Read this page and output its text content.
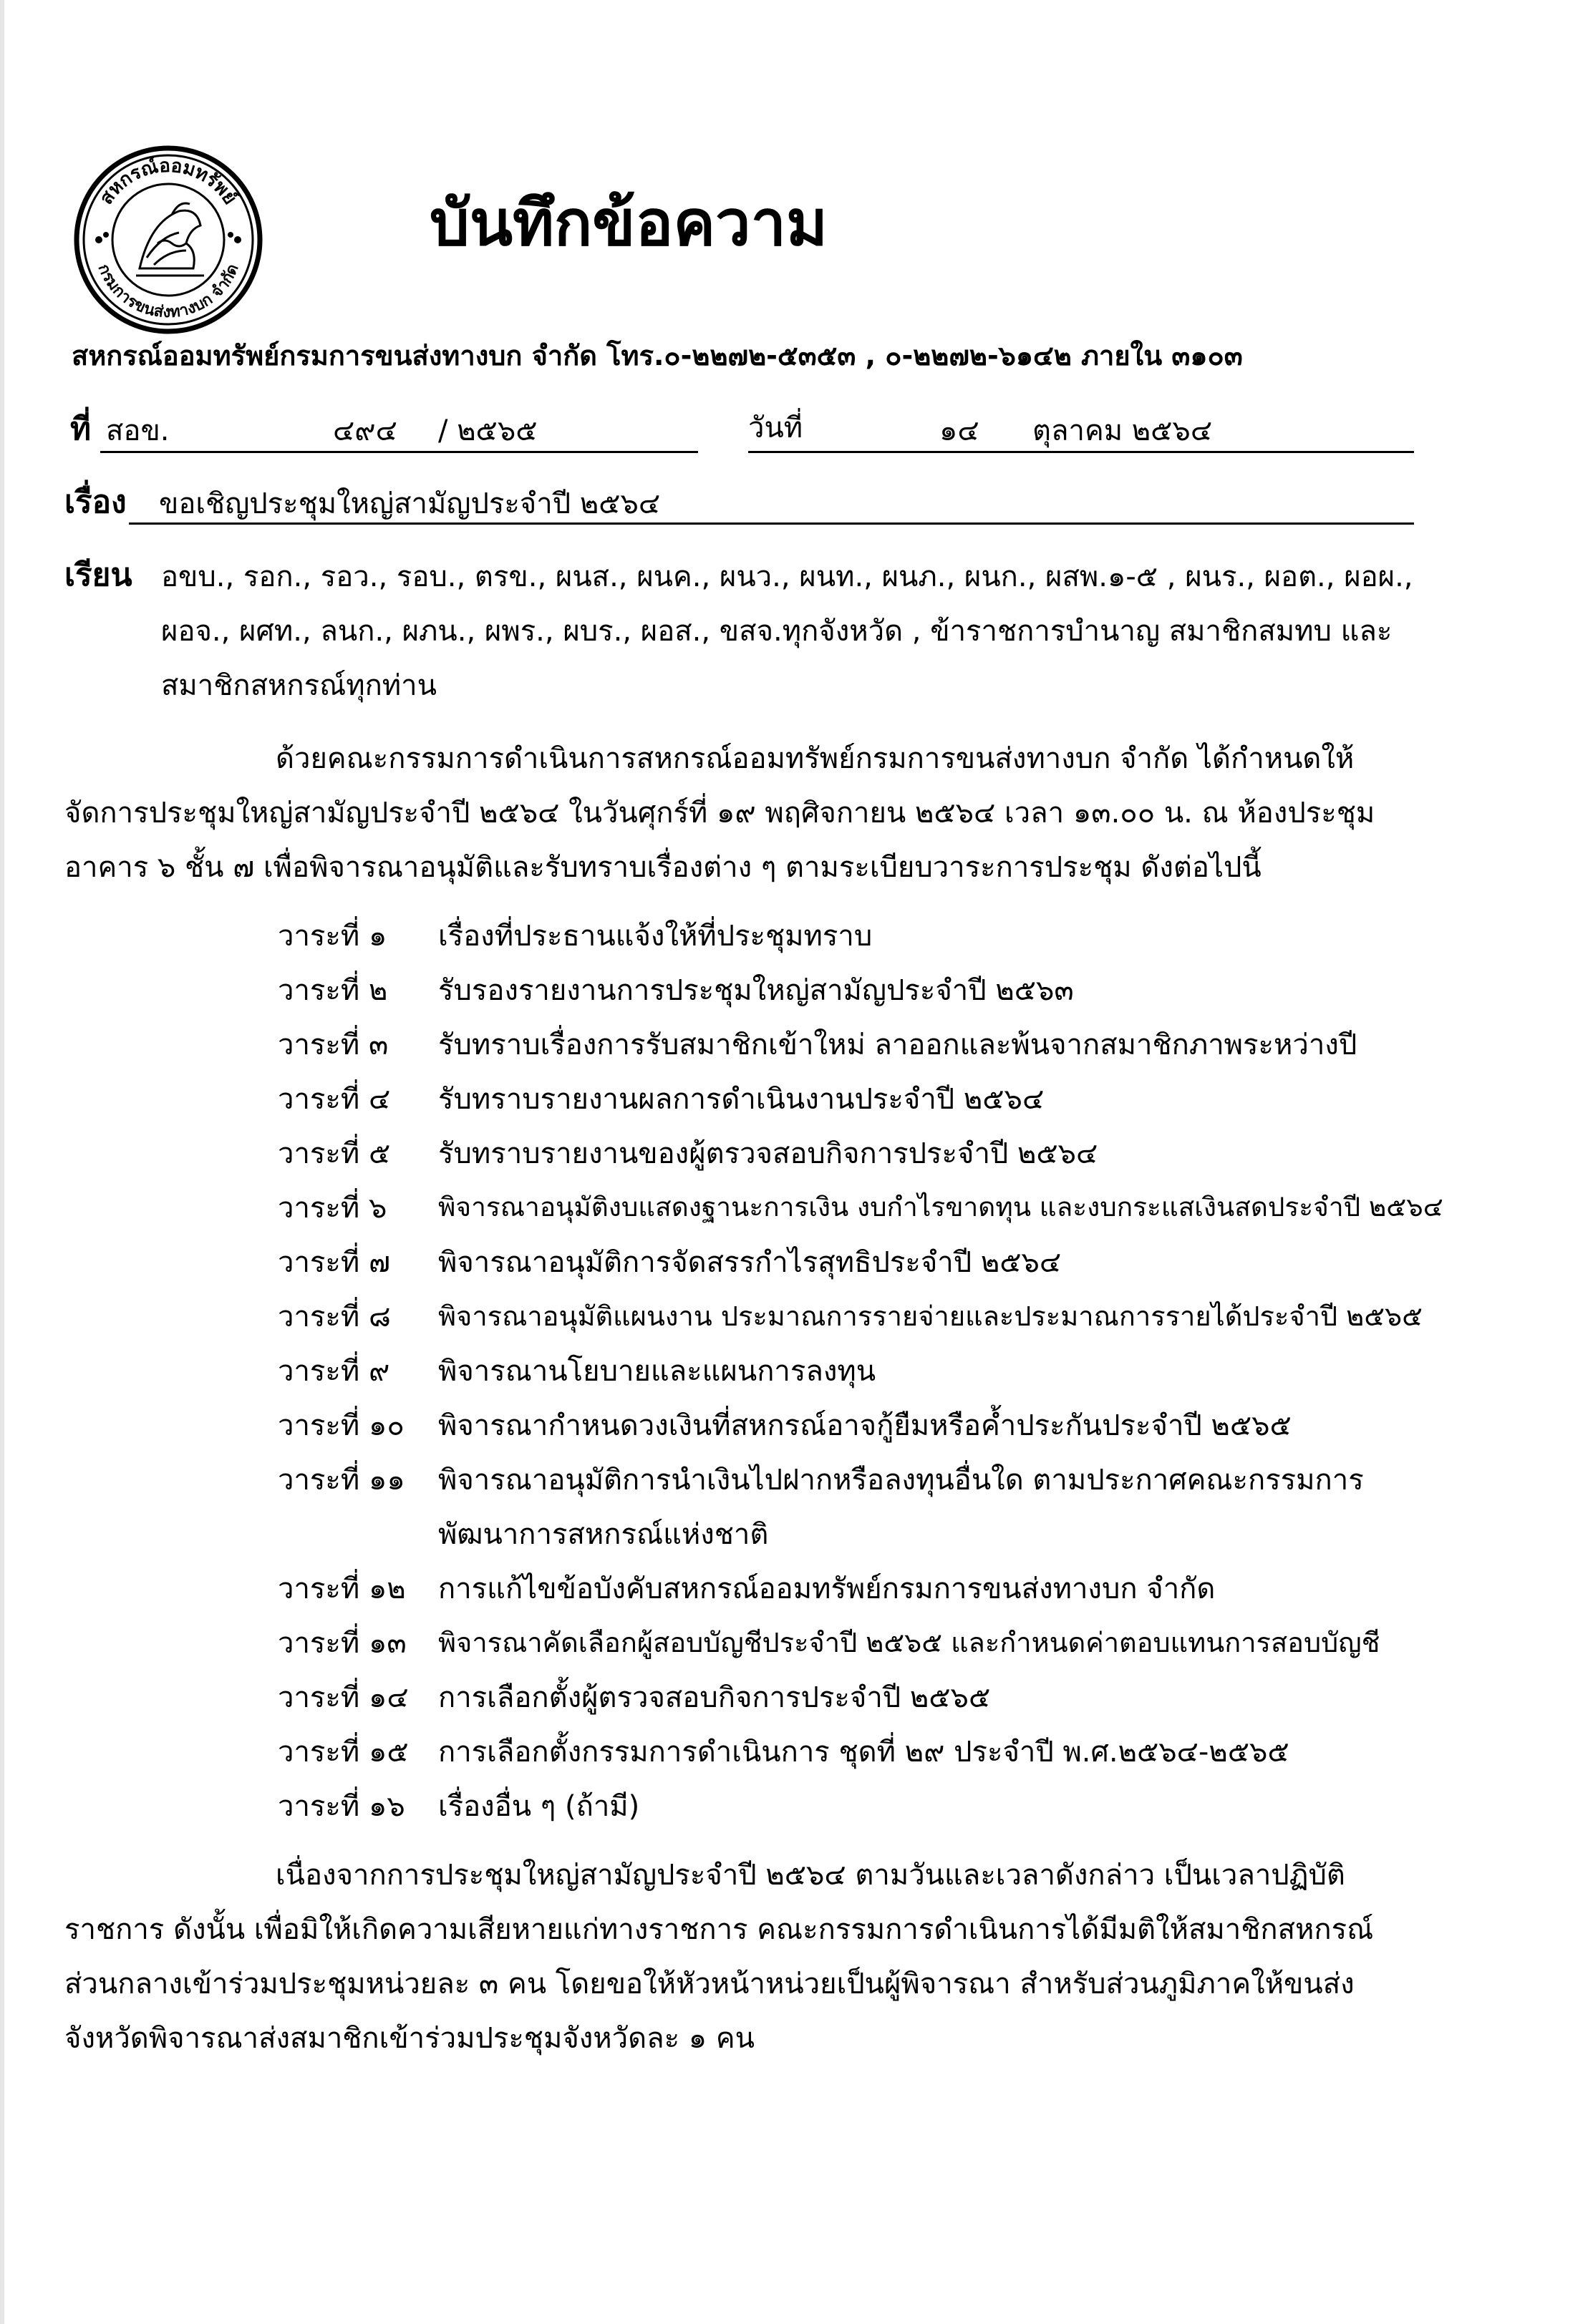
สหกรณ์ออมทรัพย์
กรมการขนส่งทางบก จำกัด
บันทึกข้อความ
สหกรณ์ออมทรัพย์กรมการขนส่งทางบก จำกัด โทร.๐-๒๒๗๒-๕๓๕๓ , ๐-๒๒๗๒-๖๑๔๒ ภายใน ๓๑๐๓
ที่ สอข.	๔๙๔ / ๒๕๖๕	วันที่	๑๔ ตุลาคม ๒๕๖๔
เรื่อง ขอเชิญประชุมใหญ่สามัญประจำปี ๒๕๖๔
เรียน อขบ., รอก., รอว., รอบ., ตรข., ผนส., ผนค., ผนว., ผนท., ผนภ., ผนก., ผสพ.๑-๕ , ผนร., ผอต., ผอผ.,
ผอจ., ผศท., ลนก., ผภน., ผพร., ผบร., ผอส., ขสจ.ทุกจังหวัด , ข้าราชการบำนาญ สมาชิกสมทบ และ
สมาชิกสหกรณ์ทุกท่าน
ด้วยคณะกรรมการดำเนินการสหกรณ์ออมทรัพย์กรมการขนส่งทางบก จำกัด ได้กำหนดให้
จัดการประชุมใหญ่สามัญประจำปี ๒๕๖๔ ในวันศุกร์ที่ ๑๙ พฤศิจกายน ๒๕๖๔ เวลา ๑๓.๐๐ น. ณ ห้องประชุม
อาคาร ๖ ชั้น ๗ เพื่อพิจารณาอนุมัติและรับทราบเรื่องต่าง ๆ ตามระเบียบวาระการประชุม ดังต่อไปนี้
วาระที่ ๑ เรื่องที่ประธานแจ้งให้ที่ประชุมทราบ
วาระที่ ๒ รับรองรายงานการประชุมใหญ่สามัญประจำปี ๒๕๖๓
วาระที่ ๓ รับทราบเรื่องการรับสมาชิกเข้าใหม่ ลาออกและพ้นจากสมาชิกภาพระหว่างปี
วาระที่ ๔ รับทราบรายงานผลการดำเนินงานประจำปี ๒๕๖๔
วาระที่ ๕ รับทราบรายงานของผู้ตรวจสอบกิจการประจำปี ๒๕๖๔
วาระที่ ๖ พิจารณาอนุมัติงบแสดงฐานะการเงิน งบกำไรขาดทุน และงบกระแสเงินสดประจำปี ๒๕๖๔
วาระที่ ๗ พิจารณาอนุมัติการจัดสรรกำไรสุทธิประจำปี ๒๕๖๔
วาระที่ ๘ พิจารณาอนุมัติแผนงาน ประมาณการรายจ่ายและประมาณการรายได้ประจำปี ๒๕๖๕
วาระที่ ๙ พิจารณานโยบายและแผนการลงทุน
วาระที่ ๑๐ พิจารณากำหนดวงเงินที่สหกรณ์อาจกู้ยืมหรือค้ำประกันประจำปี ๒๕๖๕
วาระที่ ๑๑ พิจารณาอนุมัติการนำเงินไปฝากหรือลงทุนอื่นใด ตามประกาศคณะกรรมการ
พัฒนาการสหกรณ์แห่งชาติ
วาระที่ ๑๒ การแก้ไขข้อบังคับสหกรณ์ออมทรัพย์กรมการขนส่งทางบก จำกัด
วาระที่ ๑๓ พิจารณาคัดเลือกผู้สอบบัญชีประจำปี ๒๕๖๕ และกำหนดค่าตอบแทนการสอบบัญชี
วาระที่ ๑๔ การเลือกตั้งผู้ตรวจสอบกิจการประจำปี ๒๕๖๕
วาระที่ ๑๕ การเลือกตั้งกรรมการดำเนินการ ชุดที่ ๒๙ ประจำปี พ.ศ.๒๕๖๔-๒๕๖๕
วาระที่ ๑๖ เรื่องอื่น ๆ (ถ้ามี)
เนื่องจากการประชุมใหญ่สามัญประจำปี ๒๕๖๔ ตามวันและเวลาดังกล่าว เป็นเวลาปฏิบัติ
ราชการ ดังนั้น เพื่อมิให้เกิดความเสียหายแก่ทางราชการ คณะกรรมการดำเนินการได้มีมติให้สมาชิกสหกรณ์
ส่วนกลางเข้าร่วมประชุมหน่วยละ ๓ คน โดยขอให้หัวหน้าหน่วยเป็นผู้พิจารณา สำหรับส่วนภูมิภาคให้ขนส่ง
จังหวัดพิจารณาส่งสมาชิกเข้าร่วมประชุมจังหวัดละ ๑ คน
